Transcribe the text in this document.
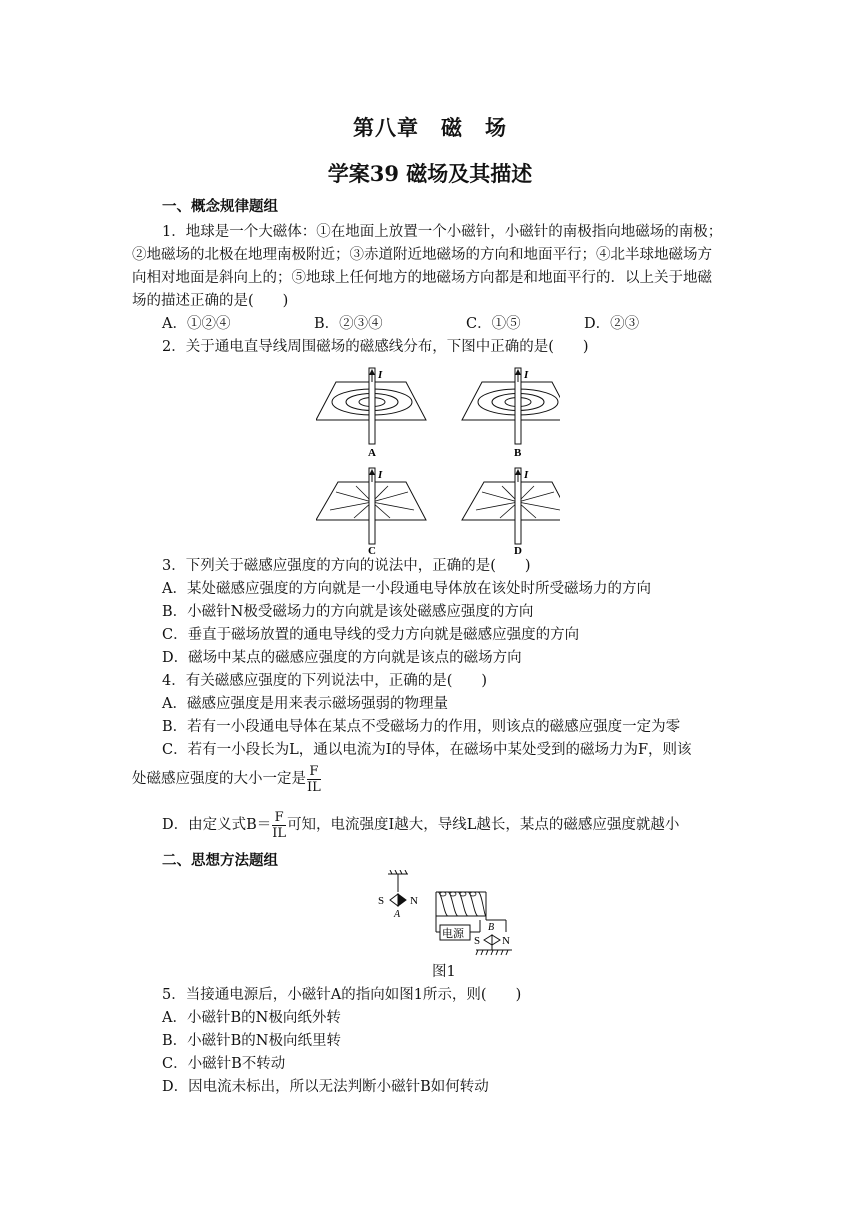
第八章　磁　场
学案39 磁场及其描述
一、概念规律题组
1．地球是一个大磁体：①在地面上放置一个小磁针，小磁针的南极指向地磁场的南极；
②地磁场的北极在地理南极附近；③赤道附近地磁场的方向和地面平行；④北半球地磁场方
向相对地面是斜向上的；⑤地球上任何地方的地磁场方向都是和地面平行的．以上关于地磁
场的描述正确的是(　　)
A．①②④	B．②③④	C．①⑤	D．②③
2．关于通电直导线周围磁场的磁感线分布，下图中正确的是(　　)
I
A
I
B
I
C
I
D
3．下列关于磁感应强度的方向的说法中，正确的是(　　)
A．某处磁感应强度的方向就是一小段通电导体放在该处时所受磁场力的方向
B．小磁针N极受磁场力的方向就是该处磁感应强度的方向
C．垂直于磁场放置的通电导线的受力方向就是磁感应强度的方向
D．磁场中某点的磁感应强度的方向就是该点的磁场方向
4．有关磁感应强度的下列说法中，正确的是(　　)
A．磁感应强度是用来表示磁场强弱的物理量
B．若有一小段通电导体在某点不受磁场力的作用，则该点的磁感应强度一定为零
C．若有一小段长为L，通以电流为I的导体，在磁场中某处受到的磁场力为F，则该
处磁感应强度的大小一定是 $\frac{F}{IL}$
D．由定义式$B= \frac{F}{IL}$ 可知，电流强度I越大，导线L越长，某点的磁感应强度就越小
二、思想方法题组
S N
A
电源
B
S N
图1
5．当接通电源后，小磁针A的指向如图1所示，则(　　)
A．小磁针B的N极向纸外转
B．小磁针B的N极向纸里转
C．小磁针B不转动
D．因电流未标出，所以无法判断小磁针B如何转动
